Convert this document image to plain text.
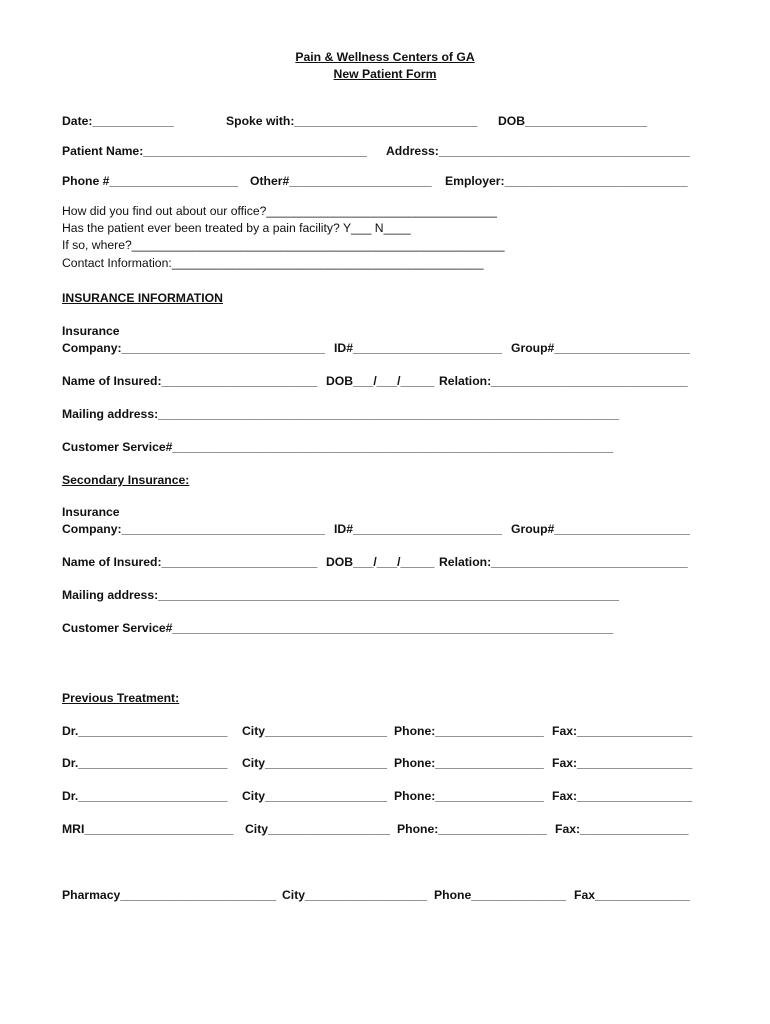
Pain & Wellness Centers of GA
New Patient Form
Date:____________	Spoke with:___________________________ DOB__________________
Patient Name:_________________________________ Address:_____________________________________
Phone #___________________ Other#_____________________ Employer:___________________________
How did you find out about our office?__________________________________
Has the patient ever been treated by a pain facility? Y___ N____
If so, where?_______________________________________________________
Contact Information:______________________________________________
INSURANCE INFORMATION
Insurance
Company:______________________________ ID#______________________ Group#____________________
Name of Insured:_______________________ DOB___/___/_____ Relation:_____________________________
Mailing address:____________________________________________________________________
Customer Service#_________________________________________________________________
Secondary Insurance:
Insurance
Company:______________________________ ID#______________________ Group#____________________
Name of Insured:_______________________ DOB___/___/_____ Relation:_____________________________
Mailing address:____________________________________________________________________
Customer Service#_________________________________________________________________
Previous Treatment:
Dr.______________________ City__________________ Phone:________________ Fax:_________________
Dr.______________________ City__________________ Phone:________________ Fax:_________________
Dr.______________________ City__________________ Phone:________________ Fax:_________________
MRI______________________ City__________________ Phone:________________ Fax:________________
Pharmacy_______________________ City__________________ Phone______________ Fax______________
